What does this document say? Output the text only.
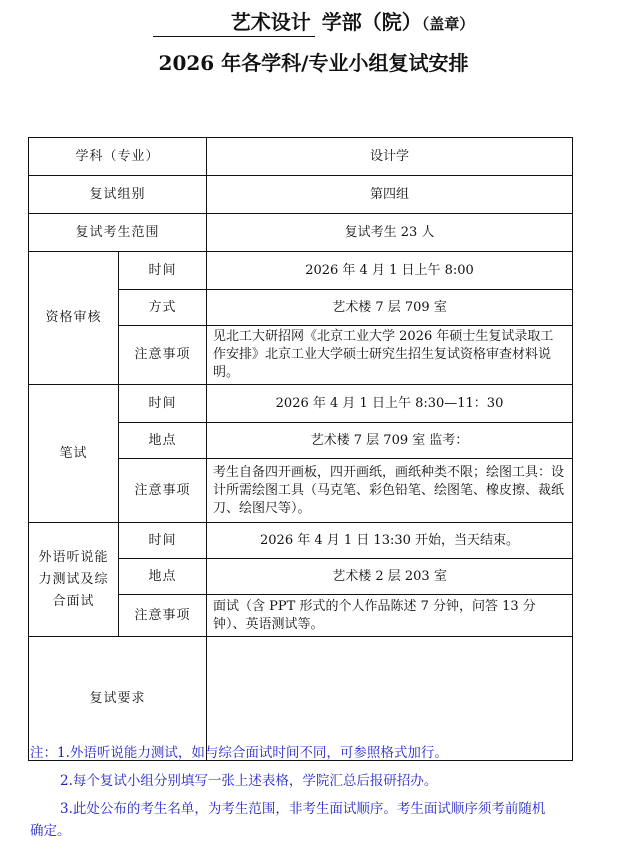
艺术设计 学部（院）（盖章）
2026 年各学科/专业小组复试安排
学科（专业）		设计学
复试组别		第四组
复试考生范围		复试考生 23 人
资格审核	时间	2026 年 4 月 1 日上午 8:00
	方式	艺术楼 7 层 709 室
	注意事项	见北工大研招网《北京工业大学 2026 年硕士生复试录取工作安排》北京工业大学硕士研究生招生复试资格审查材料说明。
笔试	时间	2026 年 4 月 1 日上午 8:30—11：30
	地点	艺术楼 7 层 709 室 监考：
	注意事项	考生自备四开画板，四开画纸，画纸种类不限；绘图工具：设计所需绘图工具（马克笔、彩色铅笔、绘图笔、橡皮擦、裁纸刀、绘图尺等）。
外语听说能力测试及综合面试	时间	2026 年 4 月 1 日 13:30 开始，当天结束。
	地点	艺术楼 2 层 203 室
	注意事项	面试（含 PPT 形式的个人作品陈述 7 分钟，问答 13 分钟）、英语测试等。
复试要求		

注：1.外语听说能力测试，如与综合面试时间不同，可参照格式加行。

2.每个复试小组分别填写一张上述表格，学院汇总后报研招办。

3.此处公布的考生名单，为考生范围，非考生面试顺序。考生面试顺序须考前随机

确定。
